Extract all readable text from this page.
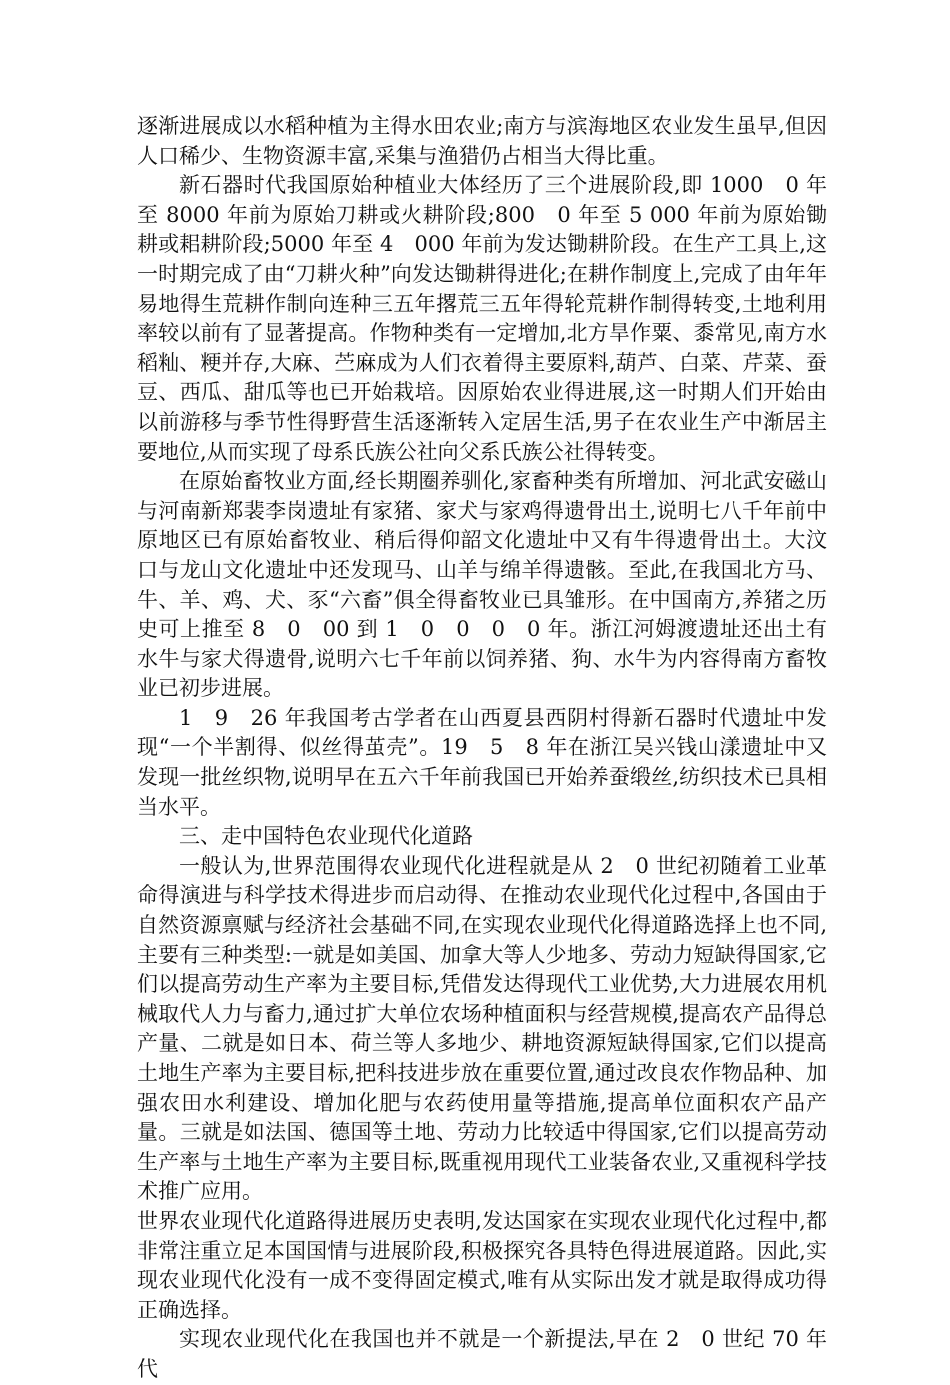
逐渐进展成以水稻种植为主得水田农业;南方与滨海地区农业发生虽早,但因人口稀少、生物资源丰富,采集与渔猎仍占相当大得比重。

新石器时代我国原始种植业大体经历了三个进展阶段,即 1000　0 年至 8000 年前为原始刀耕或火耕阶段;800　0 年至 5 000 年前为原始锄耕或耜耕阶段;5000 年至 4　000 年前为发达锄耕阶段。在生产工具上,这一时期完成了由“刀耕火种”向发达锄耕得进化;在耕作制度上,完成了由年年易地得生荒耕作制向连种三五年撂荒三五年得轮荒耕作制得转变,土地利用率较以前有了显著提高。作物种类有一定增加,北方旱作粟、黍常见,南方水稻籼、粳并存,大麻、苎麻成为人们衣着得主要原料,葫芦、白菜、芹菜、蚕豆、西瓜、甜瓜等也已开始栽培。因原始农业得进展,这一时期人们开始由以前游移与季节性得野营生活逐渐转入定居生活,男子在农业生产中渐居主要地位,从而实现了母系氏族公社向父系氏族公社得转变。

在原始畜牧业方面,经长期圈养驯化,家畜种类有所增加、河北武安磁山与河南新郑裴李岗遗址有家猪、家犬与家鸡得遗骨出土,说明七八千年前中原地区已有原始畜牧业、稍后得仰韶文化遗址中又有牛得遗骨出土。大汶口与龙山文化遗址中还发现马、山羊与绵羊得遗骸。至此,在我国北方马、牛、羊、鸡、犬、豕“六畜”俱全得畜牧业已具雏形。在中国南方,养猪之历史可上推至 8　0　00 到 1　0　0　0　0 年。浙江河姆渡遗址还出土有水牛与家犬得遗骨,说明六七千年前以饲养猪、狗、水牛为内容得南方畜牧业已初步进展。

1　9　26 年我国考古学者在山西夏县西阴村得新石器时代遗址中发现“一个半割得、似丝得茧壳”。19　5　8 年在浙江吴兴钱山漾遗址中又发现一批丝织物,说明早在五六千年前我国已开始养蚕缎丝,纺织技术已具相当水平。

三、走中国特色农业现代化道路

一般认为,世界范围得农业现代化进程就是从 2　0 世纪初随着工业革命得演进与科学技术得进步而启动得、在推动农业现代化过程中,各国由于自然资源禀赋与经济社会基础不同,在实现农业现代化得道路选择上也不同,主要有三种类型:一就是如美国、加拿大等人少地多、劳动力短缺得国家,它们以提高劳动生产率为主要目标,凭借发达得现代工业优势,大力进展农用机械取代人力与畜力,通过扩大单位农场种植面积与经营规模,提高农产品得总产量、二就是如日本、荷兰等人多地少、耕地资源短缺得国家,它们以提高土地生产率为主要目标,把科技进步放在重要位置,通过改良农作物品种、加强农田水利建设、增加化肥与农药使用量等措施,提高单位面积农产品产量。三就是如法国、德国等土地、劳动力比较适中得国家,它们以提高劳动生产率与土地生产率为主要目标,既重视用现代工业装备农业,又重视科学技术推广应用。

世界农业现代化道路得进展历史表明,发达国家在实现农业现代化过程中,都非常注重立足本国国情与进展阶段,积极探究各具特色得进展道路。因此,实现农业现代化没有一成不变得固定模式,唯有从实际出发才就是取得成功得正确选择。

实现农业现代化在我国也并不就是一个新提法,早在 2　0 世纪 70 年代
